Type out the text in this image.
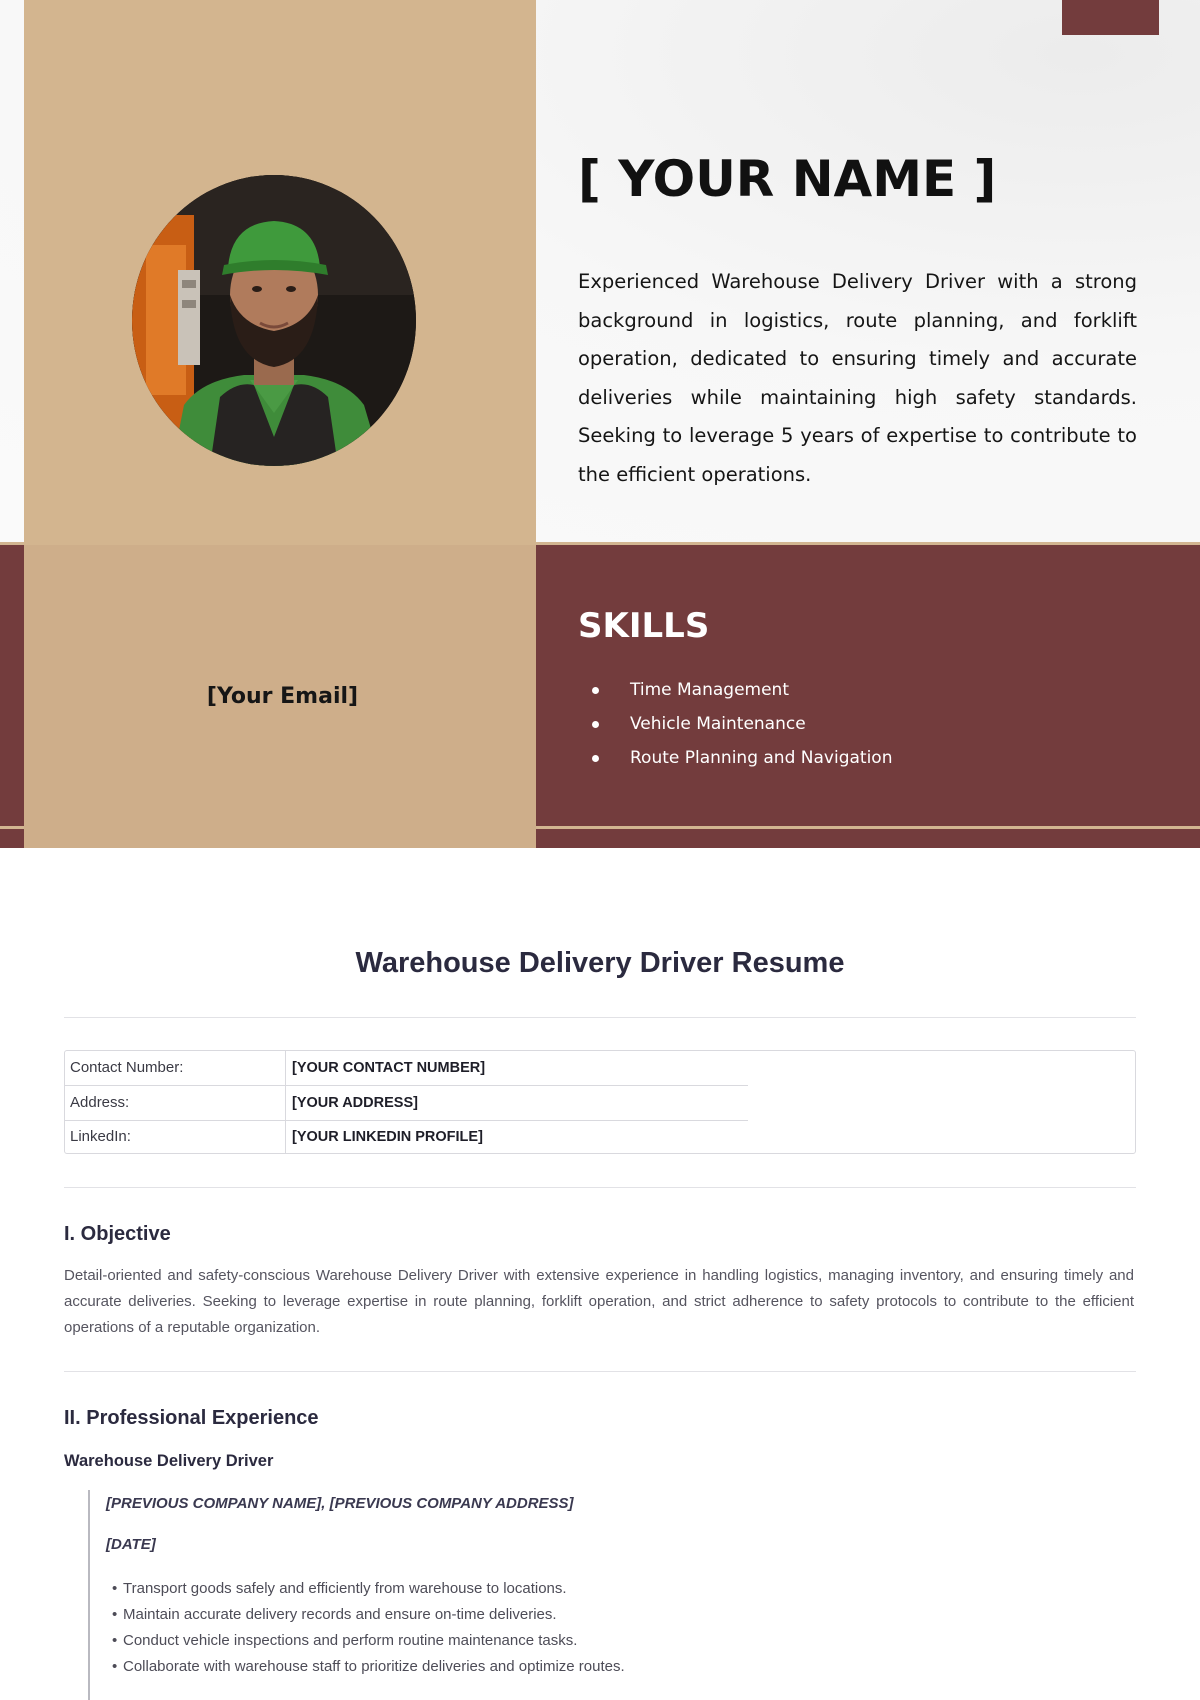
[ YOUR NAME ]
Experienced Warehouse Delivery Driver with a strong background in logistics, route planning, and forklift operation, dedicated to ensuring timely and accurate deliveries while maintaining high safety standards. Seeking to leverage 5 years of expertise to contribute to the efficient operations.
[Your Email]
SKILLS
Time Management
Vehicle Maintenance
Route Planning and Navigation
Warehouse Delivery Driver Resume
Contact Number:	[YOUR CONTACT NUMBER]
Address:	[YOUR ADDRESS]
LinkedIn:	[YOUR LINKEDIN PROFILE]
I. Objective
Detail-oriented and safety-conscious Warehouse Delivery Driver with extensive experience in handling logistics, managing inventory, and ensuring timely and accurate deliveries. Seeking to leverage expertise in route planning, forklift operation, and strict adherence to safety protocols to contribute to the efficient operations of a reputable organization.
II. Professional Experience
Warehouse Delivery Driver
[PREVIOUS COMPANY NAME], [PREVIOUS COMPANY ADDRESS]
[DATE]
• Transport goods safely and efficiently from warehouse to locations.
• Maintain accurate delivery records and ensure on-time deliveries.
• Conduct vehicle inspections and perform routine maintenance tasks.
• Collaborate with warehouse staff to prioritize deliveries and optimize routes.
